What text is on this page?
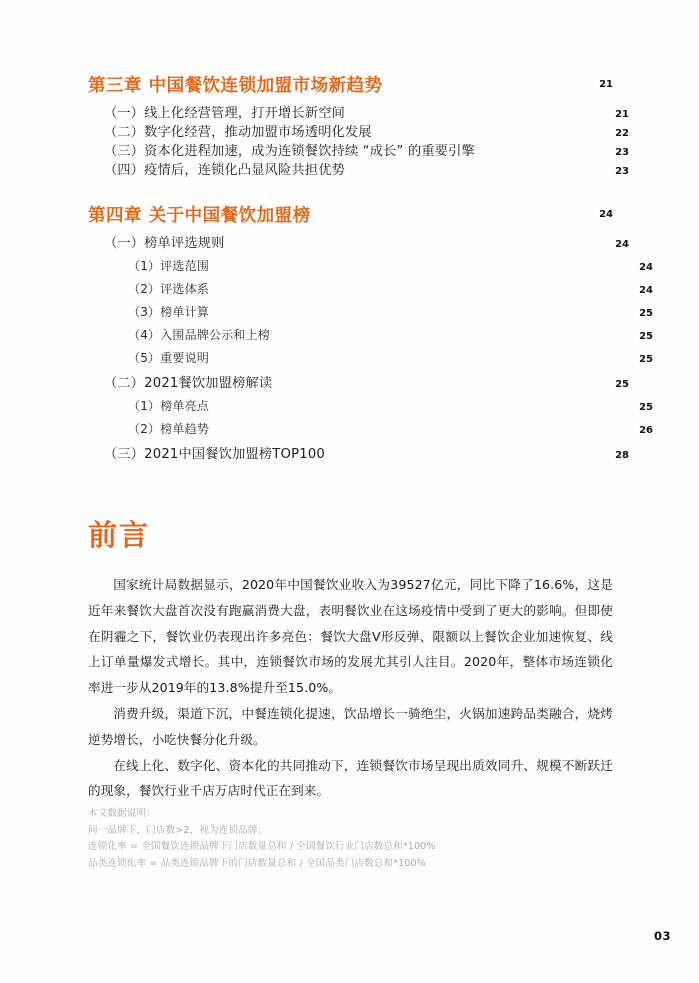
第三章 中国餐饮连锁加盟市场新趋势	21
（一）线上化经营管理，打开增长新空间	21
（二）数字化经营，推动加盟市场透明化发展	22
（三）资本化进程加速，成为连锁餐饮持续 “成长” 的重要引擎	23
（四）疫情后，连锁化凸显风险共担优势	23
第四章 关于中国餐饮加盟榜	24
（一）榜单评选规则	24
（1）评选范围	24
（2）评选体系	24
（3）榜单计算	25
（4）入围品牌公示和上榜	25
（5）重要说明	25
（二）2021餐饮加盟榜解读	25
（1）榜单亮点	25
（2）榜单趋势	26
（三）2021中国餐饮加盟榜TOP100	28
前言

国家统计局数据显示，2020年中国餐饮业收入为39527亿元，同比下降了16.6%，这是近年来餐饮大盘首次没有跑赢消费大盘，表明餐饮业在这场疫情中受到了更大的影响。但即使在阴霾之下，餐饮业仍表现出许多亮色：餐饮大盘V形反弹、限额以上餐饮企业加速恢复、线上订单量爆发式增长。其中，连锁餐饮市场的发展尤其引人注目。2020年，整体市场连锁化率进一步从2019年的13.8%提升至15.0%。

消费升级，渠道下沉，中餐连锁化提速，饮品增长一骑绝尘，火锅加速跨品类融合，烧烤逆势增长，小吃快餐分化升级。

在线上化、数字化、资本化的共同推动下，连锁餐饮市场呈现出质效同升、规模不断跃迁的现象，餐饮行业千店万店时代正在到来。

本文数据说明：
同一品牌下，门店数>2，视为连锁品牌；
连锁化率 = 全国餐饮连锁品牌下门店数量总和 / 全国餐饮行业门店数总和*100%
品类连锁化率 = 品类连锁品牌下的门店数量总和 / 全国品类门店数总和*100%
03
